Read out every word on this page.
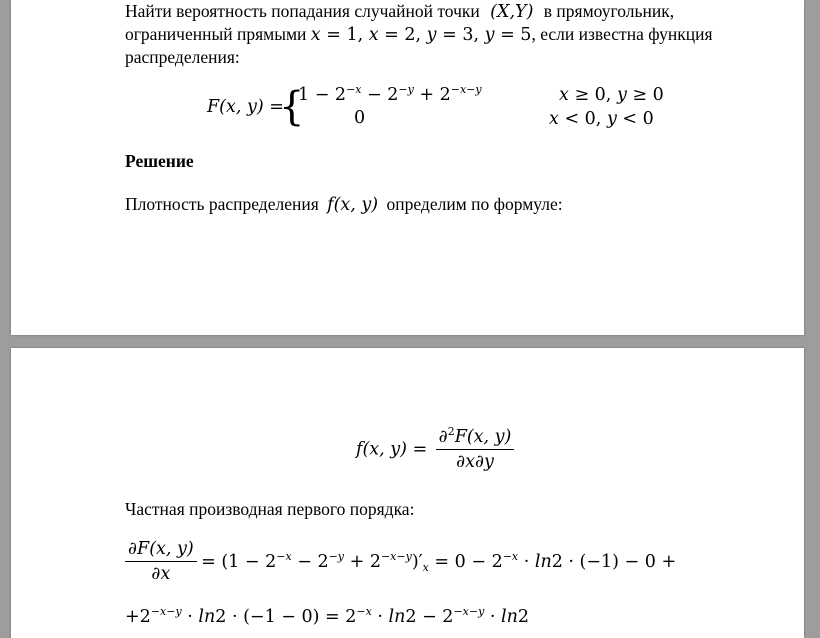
Найти вероятность попадания случайной точки (X,Y) в прямоугольник,
ограниченный прямыми x = 1, x = 2, y = 3, y = 5, если известна функция
распределения:
F(x, y) =
{
$1 - 2^{-x} - 2^{-y} + 2^{-x-y}$	x ≥ 0, y ≥ 0
0	x < 0, y < 0
Решение
Плотность распределения f(x, y) определим по формуле:
f(x, $y) = \frac{\partial^2F(x, y)}{\partial x\partial y}$
Частная производная первого порядка:
$\frac{\partial F(x, y)}{\partial x} = (1 - 2^{-x} - 2^{-y} + 2^{-x-y})'_x = 0 - 2^{-x} \cdot \ln 2 \cdot (-1) - 0$ +
$+2^{-x-y} \cdot \ln 2 \cdot (-1 - 0) = 2^{-x} \cdot \ln 2 - 2^{-x-y} \cdot \ln 2$
